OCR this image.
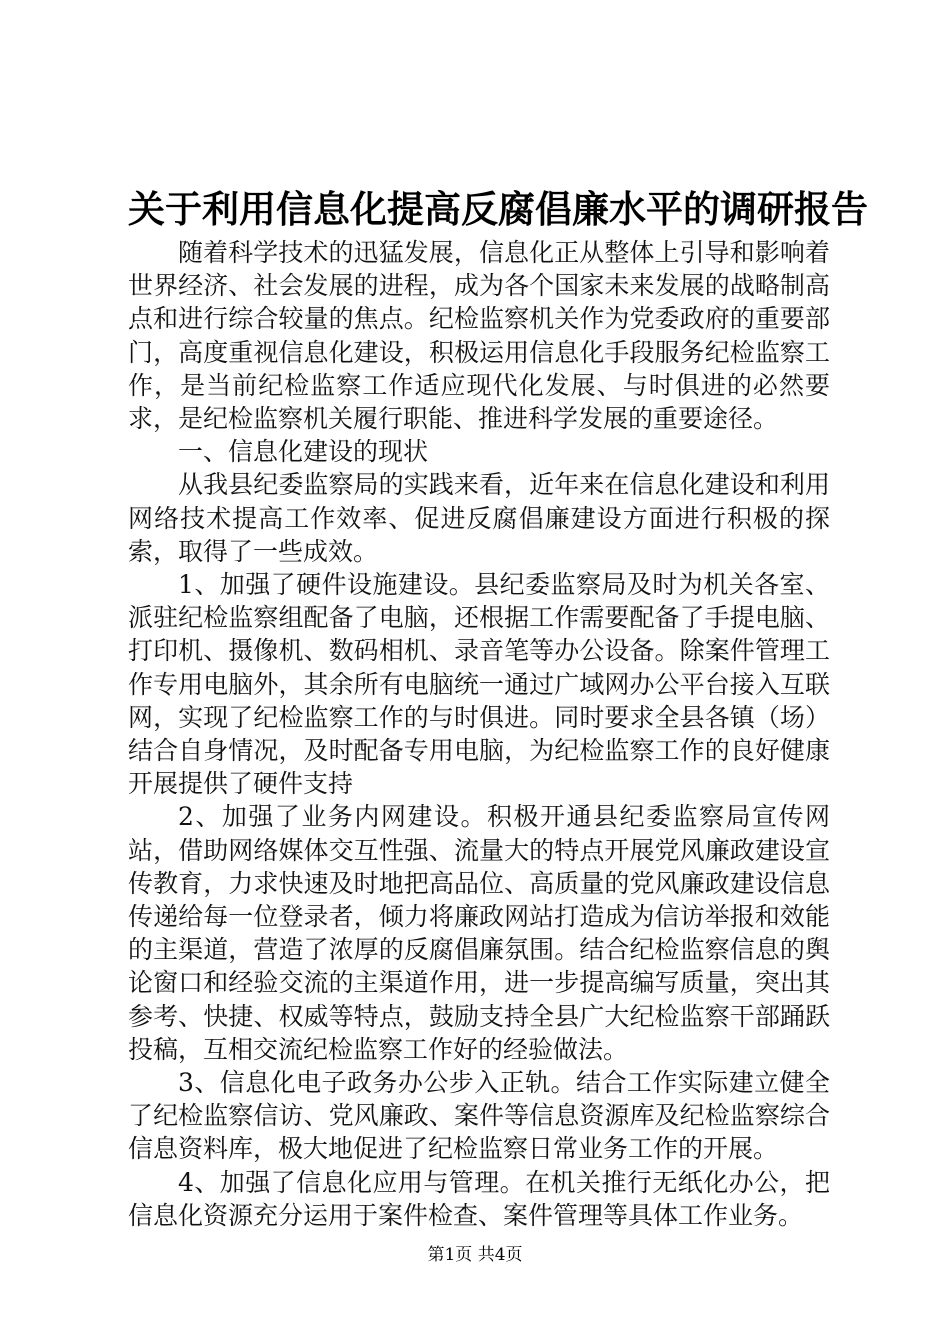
关于利用信息化提高反腐倡廉水平的调研报告

随着科学技术的迅猛发展，信息化正从整体上引导和影响着世界经济、社会发展的进程，成为各个国家未来发展的战略制高点和进行综合较量的焦点。纪检监察机关作为党委政府的重要部门，高度重视信息化建设，积极运用信息化手段服务纪检监察工作，是当前纪检监察工作适应现代化发展、与时俱进的必然要求，是纪检监察机关履行职能、推进科学发展的重要途径。

一、信息化建设的现状

从我县纪委监察局的实践来看，近年来在信息化建设和利用网络技术提高工作效率、促进反腐倡廉建设方面进行积极的探索，取得了一些成效。

1、加强了硬件设施建设。县纪委监察局及时为机关各室、派驻纪检监察组配备了电脑，还根据工作需要配备了手提电脑、打印机、摄像机、数码相机、录音笔等办公设备。除案件管理工作专用电脑外，其余所有电脑统一通过广域网办公平台接入互联网，实现了纪检监察工作的与时俱进。同时要求全县各镇（场）结合自身情况，及时配备专用电脑，为纪检监察工作的良好健康开展提供了硬件支持

2、加强了业务内网建设。积极开通县纪委监察局宣传网站，借助网络媒体交互性强、流量大的特点开展党风廉政建设宣传教育，力求快速及时地把高品位、高质量的党风廉政建设信息传递给每一位登录者，倾力将廉政网站打造成为信访举报和效能的主渠道，营造了浓厚的反腐倡廉氛围。结合纪检监察信息的舆论窗口和经验交流的主渠道作用，进一步提高编写质量，突出其参考、快捷、权威等特点，鼓励支持全县广大纪检监察干部踊跃投稿，互相交流纪检监察工作好的经验做法。

3、信息化电子政务办公步入正轨。结合工作实际建立健全了纪检监察信访、党风廉政、案件等信息资源库及纪检监察综合信息资料库，极大地促进了纪检监察日常业务工作的开展。

4、加强了信息化应用与管理。在机关推行无纸化办公，把信息化资源充分运用于案件检查、案件管理等具体工作业务。

第1页 共4页
